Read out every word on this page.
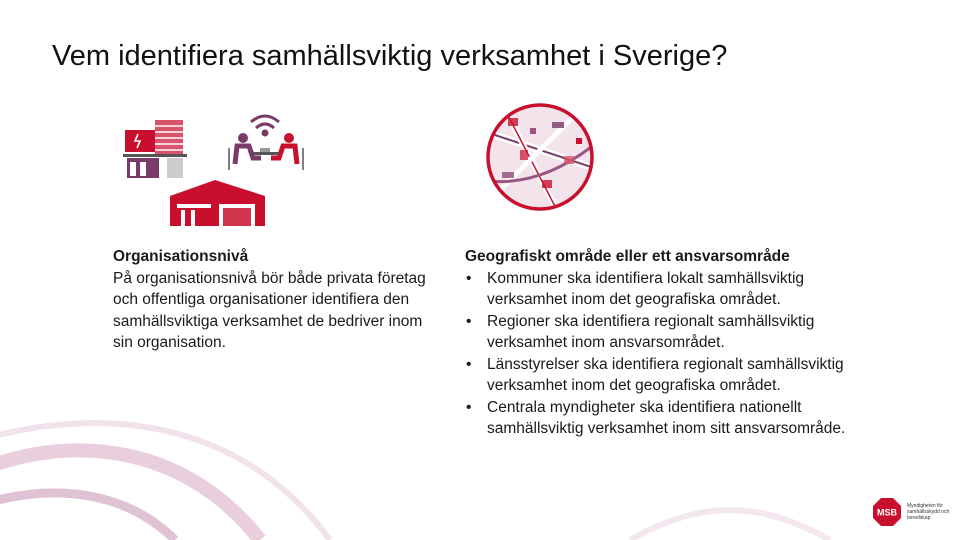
Vem identifiera samhällsviktig verksamhet i Sverige?
Organisationsnivå
På organisationsnivå bör både privata företag och offentliga organisationer identifiera den samhällsviktiga verksamhet de bedriver inom sin organisation.
Geografiskt område eller ett ansvarsområde
• Kommuner ska identifiera lokalt samhällsviktig verksamhet inom det geografiska området.
• Regioner ska identifiera regionalt samhällsviktig verksamhet inom ansvarsområdet.
• Länsstyrelser ska identifiera regionalt samhällsviktig verksamhet inom det geografiska området.
• Centrala myndigheter ska identifiera nationellt samhällsviktig verksamhet inom sitt ansvarsområde.
MSB
Myndigheten för samhällsskydd och beredskap
